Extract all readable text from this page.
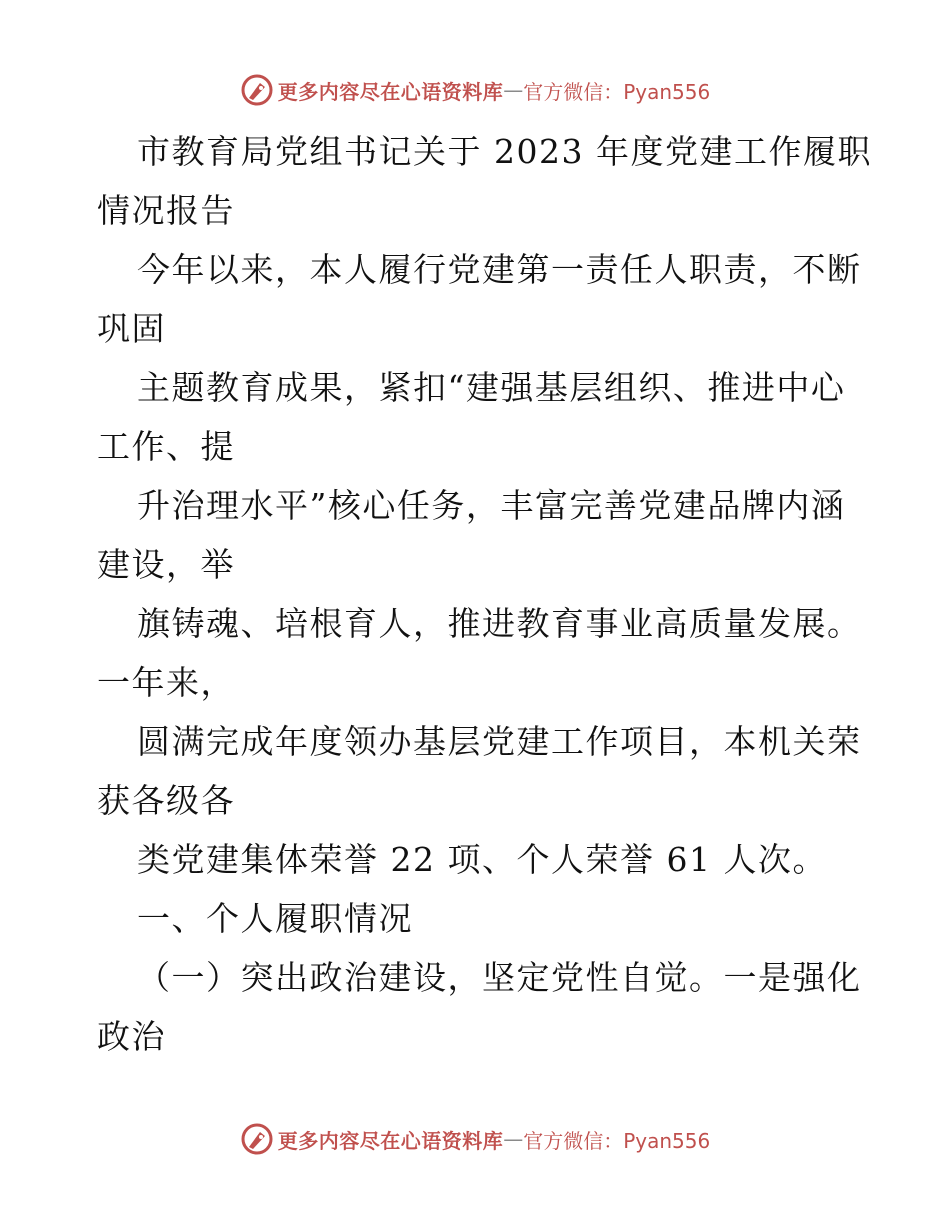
更多内容尽在心语资料库 — 官方微信：Pyan556
市教育局党组书记关于 2023 年度党建工作履职
情况报告
今年以来，本人履行党建第一责任人职责，不断
巩固
主题教育成果，紧扣“建强基层组织、推进中心
工作、提
升治理水平”核心任务，丰富完善党建品牌内涵
建设，举
旗铸魂、培根育人，推进教育事业高质量发展。
一年来，
圆满完成年度领办基层党建工作项目，本机关荣
获各级各
类党建集体荣誉 22 项、个人荣誉 61 人次。
一、个人履职情况
（一）突出政治建设，坚定党性自觉。一是强化
政治
更多内容尽在心语资料库 — 官方微信：Pyan556
